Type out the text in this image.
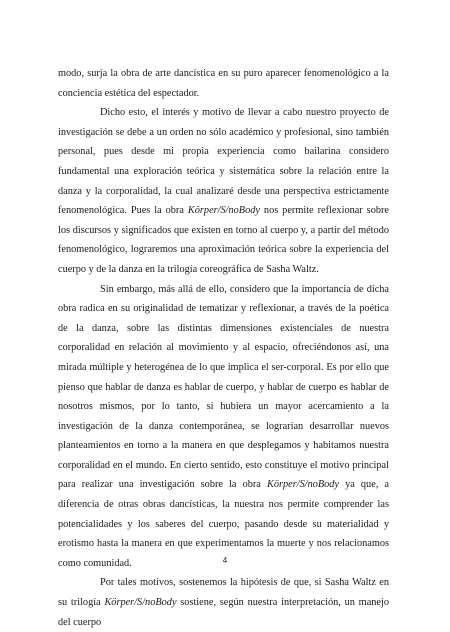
modo, surja la obra de arte dancística en su puro aparecer fenomenológico a la conciencia estética del espectador.

Dicho esto, el interés y motivo de llevar a cabo nuestro proyecto de investigación se debe a un orden no sólo académico y profesional, sino también personal, pues desde mi propia experiencia como bailarina considero fundamental una exploración teórica y sistemática sobre la relación entre la danza y la corporalidad, la cual analizaré desde una perspectiva estrictamente fenomenológica. Pues la obra Körper/S/noBody nos permite reflexionar sobre los discursos y significados que existen en torno al cuerpo y, a partir del método fenomenológico, lograremos una aproximación teórica sobre la experiencia del cuerpo y de la danza en la trilogía coreográfica de Sasha Waltz.

Sin embargo, más allá de ello, considero que la importancia de dicha obra radica en su originalidad de tematizar y reflexionar, a través de la poética de la danza, sobre las distintas dimensiones existenciales de nuestra corporalidad en relación al movimiento y al espacio, ofreciéndonos así, una mirada múltiple y heterogénea de lo que implica el ser-corporal. Es por ello que pienso que hablar de danza es hablar de cuerpo, y hablar de cuerpo es hablar de nosotros mismos, por lo tanto, si hubiera un mayor acercamiento a la investigación de la danza contemporánea, se lograrían desarrollar nuevos planteamientos en torno a la manera en que desplegamos y habitamos nuestra corporalidad en el mundo. En cierto sentido, esto constituye el motivo principal para realizar una investigación sobre la obra Körper/S/noBody ya que, a diferencia de otras obras dancísticas, la nuestra nos permite comprender las potencialidades y los saberes del cuerpo, pasando desde su materialidad y erotismo hasta la manera en que experimentamos la muerte y nos relacionamos como comunidad.

Por tales motivos, sostenemos la hipótesis de que, si Sasha Waltz en su trilogía Körper/S/noBody sostiene, según nuestra interpretación, un manejo del cuerpo

4
